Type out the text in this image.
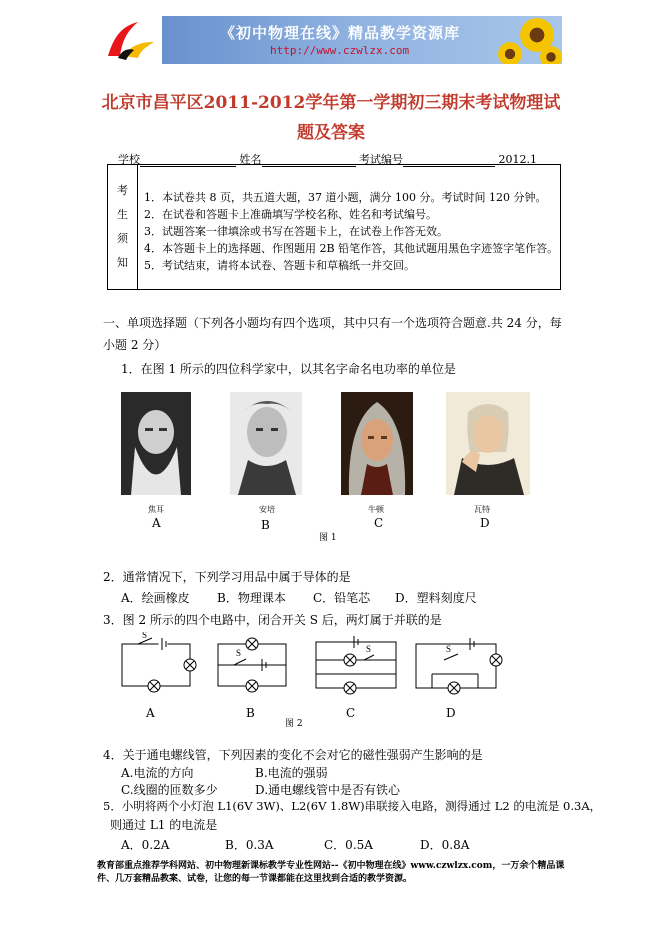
《初中物理在线》精品教学资源库
http://www.czwlzx.com
北京市昌平区2011-2012学年第一学期初三期末考试物理试题及答案
学校	姓名	考试编号	2012.1
考
生
须
知
1．本试卷共 8 页，共五道大题，37 道小题，满分 100 分。考试时间 120 分钟。
2．在试卷和答题卡上准确填写学校名称、姓名和考试编号。
3．试题答案一律填涂或书写在答题卡上，在试卷上作答无效。
4．本答题卡上的选择题、作图题用 2B 铅笔作答，其他试题用黑色字迹签字笔作答。
5．考试结束，请将本试卷、答题卡和草稿纸一并交回。
一、单项选择题（下列各小题均有四个选项，其中只有一个选项符合题意.共 24 分，每小题 2 分）
1．在图 1 所示的四位科学家中，以其名字命名电功率的单位是
焦耳	安培	牛顿	瓦特
A	B	C	D
图 1
2．通常情况下，下列学习用品中属于导体的是
A．绘画橡皮 B．物理课本 C．铅笔芯 D．塑料刻度尺
3．图 2 所示的四个电路中，闭合开关 S 后，两灯属于并联的是
S
S	S	S
A	B	C	D
图 2
4．关于通电螺线管，下列因素的变化不会对它的磁性强弱产生影响的是
A.电流的方向	B.电流的强弱
C.线圈的匝数多少	D.通电螺线管中是否有铁心
5．小明将两个小灯泡 L1(6V 3W)、L2(6V 1.8W)串联接入电路，测得通过 L2 的电流是 0.3A，
则通过 L1 的电流是
A．0.2A	B．0.3A	C．0.5A	D．0.8A
教育部重点推荐学科网站、初中物理新课标教学专业性网站--《初中物理在线》www.czwlzx.com，一万余个精品课件、几万套精品教案、试卷，让您的每一节课都能在这里找到合适的教学资源。
